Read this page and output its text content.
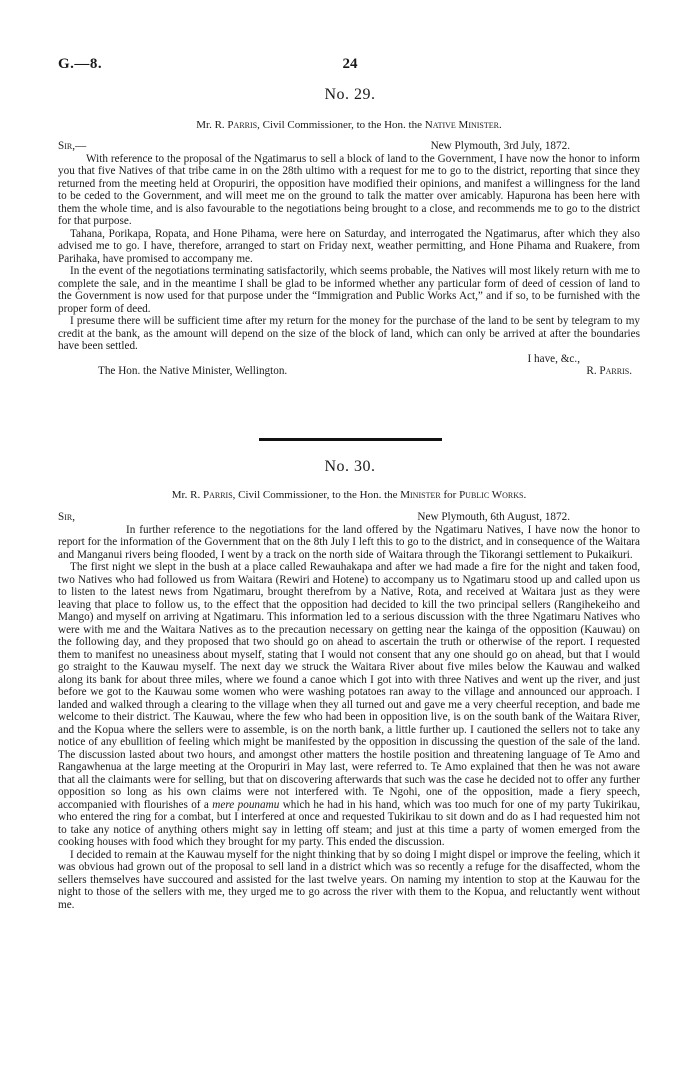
G.—8.	24
No. 29.
Mr. R. Parris, Civil Commissioner, to the Hon. the Native Minister.
Sir,—	New Plymouth, 3rd July, 1872.

With reference to the proposal of the Ngatimarus to sell a block of land to the Government, I have now the honor to inform you that five Natives of that tribe came in on the 28th ultimo with a request for me to go to the district, reporting that since they returned from the meeting held at Oropuriri, the opposition have modified their opinions, and manifest a willingness for the land to be ceded to the Government, and will meet me on the ground to talk the matter over amicably. Hapurona has been here with them the whole time, and is also favourable to the negotiations being brought to a close, and recommends me to go to the district for that purpose.

Tahana, Porikapa, Ropata, and Hone Pihama, were here on Saturday, and interrogated the Ngatimarus, after which they also advised me to go. I have, therefore, arranged to start on Friday next, weather permitting, and Hone Pihama and Ruakere, from Parihaka, have promised to accompany me.

In the event of the negotiations terminating satisfactorily, which seems probable, the Natives will most likely return with me to complete the sale, and in the meantime I shall be glad to be informed whether any particular form of deed of cession of land to the Government is now used for that purpose under the “Immigration and Public Works Act,” and if so, to be furnished with the proper form of deed.

I presume there will be sufficient time after my return for the money for the purchase of the land to be sent by telegram to my credit at the bank, as the amount will depend on the size of the block of land, which can only be arrived at after the boundaries have been settled.

I have, &c.,
The Hon. the Native Minister, Wellington.	R. Parris.
No. 30.
Mr. R. Parris, Civil Commissioner, to the Hon. the Minister for Public Works.
Sir,	New Plymouth, 6th August, 1872.

In further reference to the negotiations for the land offered by the Ngatimaru Natives, I have now the honor to report for the information of the Government that on the 8th July I left this to go to the district, and in consequence of the Waitara and Manganui rivers being flooded, I went by a track on the north side of Waitara through the Tikorangi settlement to Pukaikuri.

The first night we slept in the bush at a place called Rewauhakapa and after we had made a fire for the night and taken food, two Natives who had followed us from Waitara (Rewiri and Hotene) to accompany us to Ngatimaru stood up and called upon us to listen to the latest news from Ngatimaru, brought therefrom by a Native, Rota, and received at Waitara just as they were leaving that place to follow us, to the effect that the opposition had decided to kill the two principal sellers (Rangihekeiho and Mango) and myself on arriving at Ngatimaru. This information led to a serious discussion with the three Ngatimaru Natives who were with me and the Waitara Natives as to the precaution necessary on getting near the kainga of the opposition (Kauwau) on the following day, and they proposed that two should go on ahead to ascertain the truth or otherwise of the report. I requested them to manifest no uneasiness about myself, stating that I would not consent that any one should go on ahead, but that I would go straight to the Kauwau myself. The next day we struck the Waitara River about five miles below the Kauwau and walked along its bank for about three miles, where we found a canoe which I got into with three Natives and went up the river, and just before we got to the Kauwau some women who were washing potatoes ran away to the village and announced our approach. I landed and walked through a clearing to the village when they all turned out and gave me a very cheerful reception, and bade me welcome to their district. The Kauwau, where the few who had been in opposition live, is on the south bank of the Waitara River, and the Kopua where the sellers were to assemble, is on the north bank, a little further up. I cautioned the sellers not to take any notice of any ebullition of feeling which might be manifested by the opposition in discussing the question of the sale of the land. The discussion lasted about two hours, and amongst other matters the hostile position and threatening language of Te Amo and Rangawhenua at the large meeting at the Oropuriri in May last, were referred to. Te Amo explained that then he was not aware that all the claimants were for selling, but that on discovering afterwards that such was the case he decided not to offer any further opposition so long as his own claims were not interfered with. Te Ngohi, one of the opposition, made a fiery speech, accompanied with flourishes of a mere pounamu which he had in his hand, which was too much for one of my party Tukirikau, who entered the ring for a combat, but I interfered at once and requested Tukirikau to sit down and do as I had requested him not to take any notice of anything others might say in letting off steam; and just at this time a party of women emerged from the cooking houses with food which they brought for my party. This ended the discussion.

I decided to remain at the Kauwau myself for the night thinking that by so doing I might dispel or improve the feeling, which it was obvious had grown out of the proposal to sell land in a district which was so recently a refuge for the disaffected, whom the sellers themselves have succoured and assisted for the last twelve years. On naming my intention to stop at the Kauwau for the night to those of the sellers with me, they urged me to go across the river with them to the Kopua, and reluctantly went without me.
